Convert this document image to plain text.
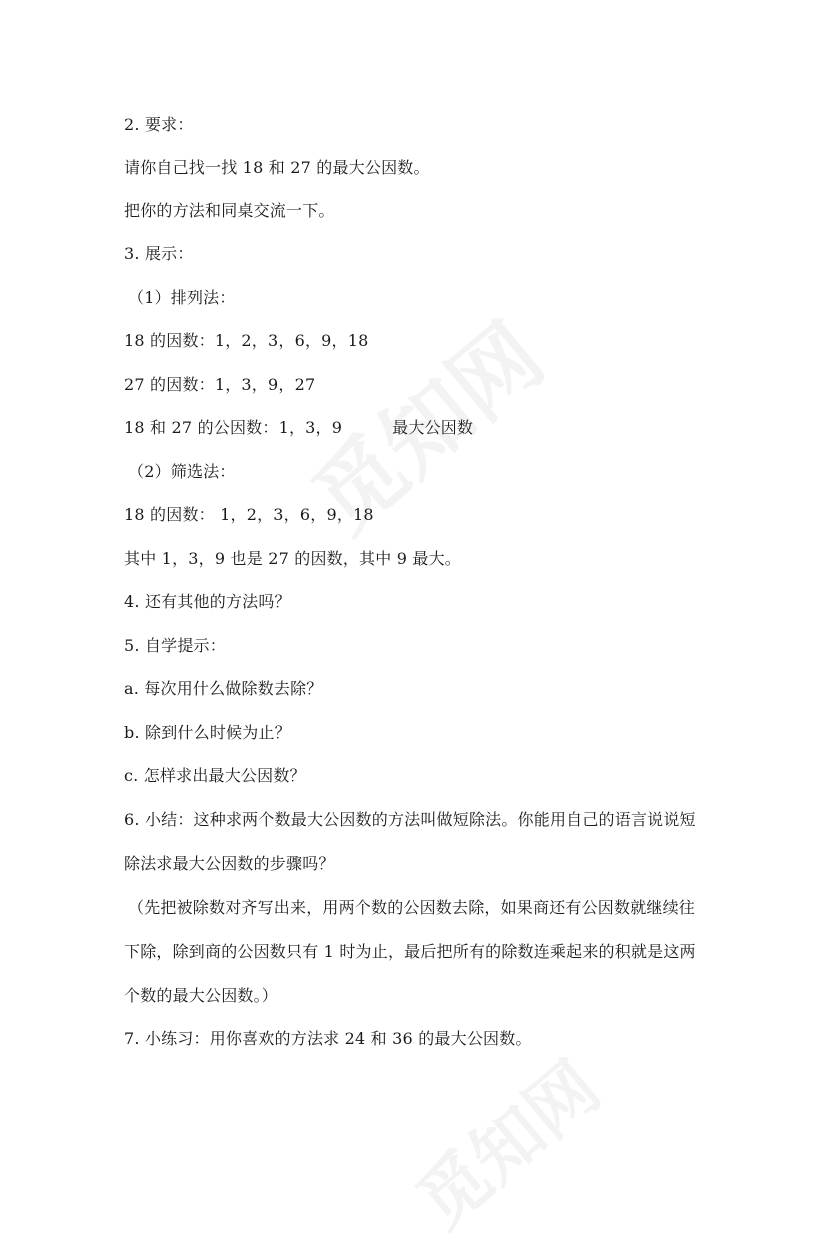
2. 要求：
请你自己找一找 18 和 27 的最大公因数。
把你的方法和同桌交流一下。
3. 展示：
（1）排列法：
18 的因数：1，2，3，6，9，18
27 的因数：1，3，9，27
18 和 27 的公因数：1，3，9	最大公因数
（2）筛选法：
18 的因数： 1，2，3，6，9，18
其中 1，3，9 也是 27 的因数，其中 9 最大。
4. 还有其他的方法吗？
5. 自学提示：
a. 每次用什么做除数去除？
b. 除到什么时候为止？
c. 怎样求出最大公因数？
6. 小结：这种求两个数最大公因数的方法叫做短除法。你能用自己的语言说说短
除法求最大公因数的步骤吗？
（先把被除数对齐写出来，用两个数的公因数去除，如果商还有公因数就继续往
下除，除到商的公因数只有 1 时为止，最后把所有的除数连乘起来的积就是这两
个数的最大公因数。）
7. 小练习：用你喜欢的方法求 24 和 36 的最大公因数。
